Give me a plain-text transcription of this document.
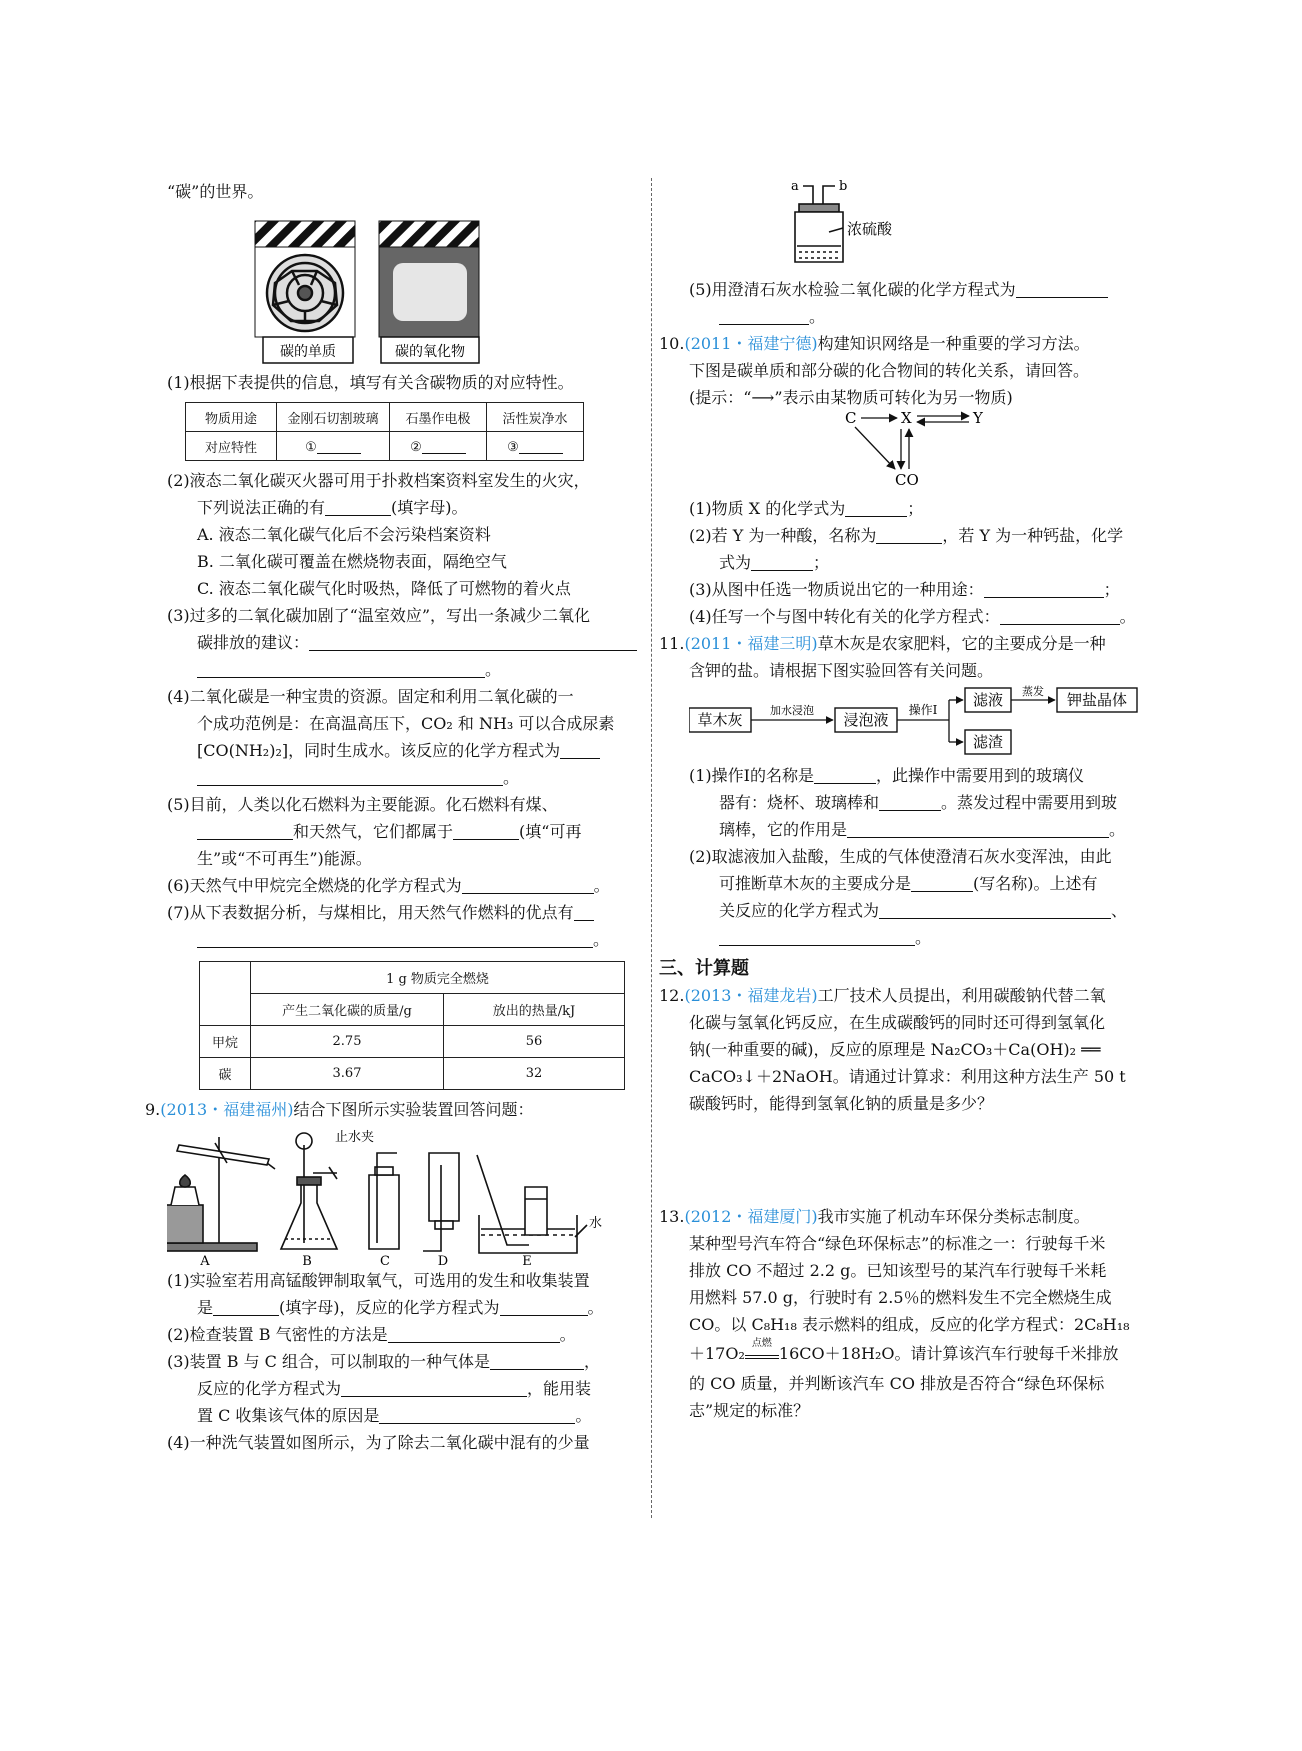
“碳”的世界。

碳的单质	碳的氧化物

(1)根据下表提供的信息，填写有关含碳物质的对应特性。

物质用途	金刚石切割玻璃	石墨作电极	活性炭净水
对应特性	①	②	③

(2)液态二氧化碳灭火器可用于扑救档案资料室发生的火灾，

下列说法正确的有	(填字母)。

A. 液态二氧化碳气化后不会污染档案资料

B. 二氧化碳可覆盖在燃烧物表面，隔绝空气

C. 液态二氧化碳气化时吸热，降低了可燃物的着火点

(3)过多的二氧化碳加剧了“温室效应”，写出一条减少二氧化

碳排放的建议：

。

(4)二氧化碳是一种宝贵的资源。固定和利用二氧化碳的一

个成功范例是：在高温高压下，CO₂ 和 NH₃ 可以合成尿素

[CO(NH₂)₂]，同时生成水。该反应的化学方程式为

。

(5)目前，人类以化石燃料为主要能源。化石燃料有煤、

和天然气，它们都属于	(填“可再

生”或“不可再生”)能源。

(6)天然气中甲烷完全燃烧的化学方程式为	。

(7)从下表数据分析，与煤相比，用天然气作燃料的优点有

。

	1 g 物质完全燃烧	
	产生二氧化碳的质量/g	放出的热量/kJ
甲烷	2.75	56
碳	3.67	32

9.(2013・福建福州)结合下图所示实验装置回答问题：

止水夹
水
A	B	C	D	E

(1)实验室若用高锰酸钾制取氧气，可选用的发生和收集装置

是	(填字母)，反应的化学方程式为	。

(2)检查装置 B 气密性的方法是	。

(3)装置 B 与 C 组合，可以制取的一种气体是	，

反应的化学方程式为	，能用装

置 C 收集该气体的原因是	。

(4)一种洗气装置如图所示，为了除去二氧化碳中混有的少量

a	b
浓硫酸

(5)用澄清石灰水检验二氧化碳的化学方程式为

。

10.(2011・福建宁德)构建知识网络是一种重要的学习方法。

下图是碳单质和部分碳的化合物间的转化关系，请回答。

(提示：“⟶”表示由某物质可转化为另一物质)

C	X	Y
CO

(1)物质 X 的化学式为	；

(2)若 Y 为一种酸，名称为	，若 Y 为一种钙盐，化学

式为	；

(3)从图中任选一物质说出它的一种用途：	；

(4)任写一个与图中转化有关的化学方程式：	。

11.(2011・福建三明)草木灰是农家肥料，它的主要成分是一种

含钾的盐。请根据下图实验回答有关问题。

草木灰
加水浸泡
浸泡液
操作Ⅰ
滤液
滤渣
蒸发 钾盐晶体

(1)操作Ⅰ的名称是	，此操作中需要用到的玻璃仪

器有：烧杯、玻璃棒和	。蒸发过程中需要用到玻

璃棒，它的作用是	。

(2)取滤液加入盐酸，生成的气体使澄清石灰水变浑浊，由此

可推断草木灰的主要成分是	(写名称)。上述有

关反应的化学方程式为	、

。

三、计算题

12.(2013・福建龙岩)工厂技术人员提出，利用碳酸钠代替二氧

化碳与氢氧化钙反应，在生成碳酸钙的同时还可得到氢氧化

钠(一种重要的碱)，反应的原理是 Na₂CO₃＋Ca(OH)₂ ══

CaCO₃↓＋2NaOH。请通过计算求：利用这种方法生产 50 t

碳酸钙时，能得到氢氧化钠的质量是多少？

13.(2012・福建厦门)我市实施了机动车环保分类标志制度。

某种型号汽车符合“绿色环保标志”的标准之一：行驶每千米

排放 CO 不超过 2.2 g。已知该型号的某汽车行驶每千米耗

用燃料 57.0 g，行驶时有 2.5％的燃料发生不完全燃烧生成

CO。以 C₈H₁₈ 表示燃料的组成，反应的化学方程式：2C₈H₁₈

＋17O₂
点燃
16CO＋18H₂O。请计算该汽车行驶每千米排放

的 CO 质量，并判断该汽车 CO 排放是否符合“绿色环保标

志”规定的标准？
